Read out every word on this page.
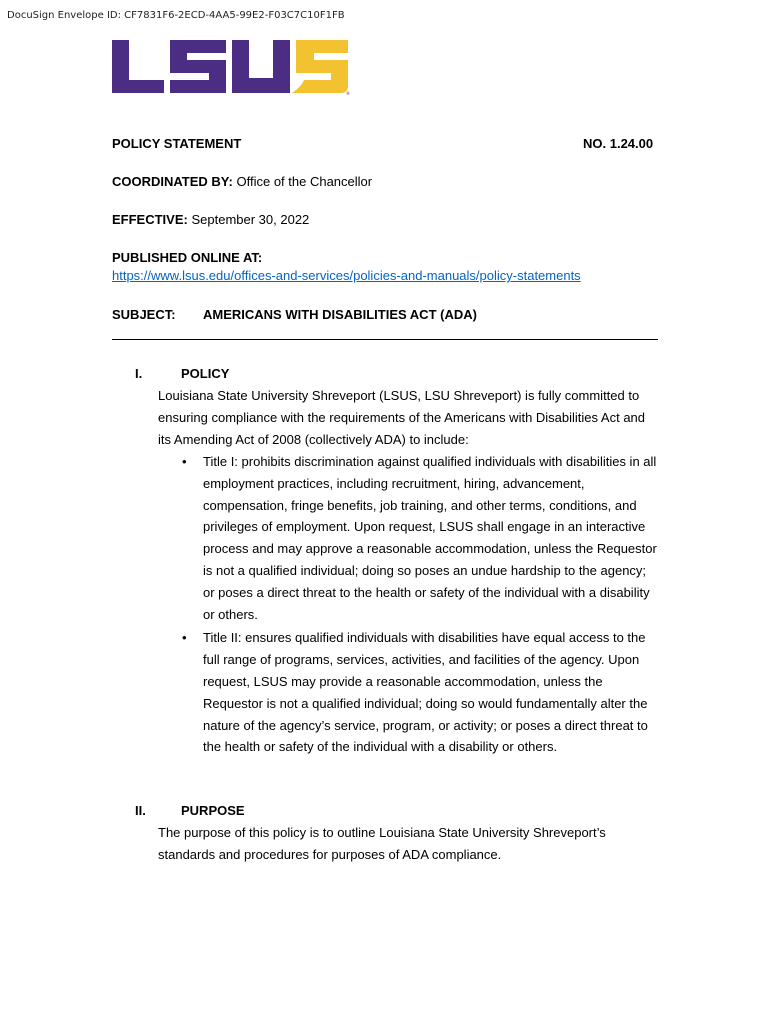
DocuSign Envelope ID: CF7831F6-2ECD-4AA5-99E2-F03C7C10F1FB
®
POLICY STATEMENT	NO. 1.24.00
COORDINATED BY: Office of the Chancellor
EFFECTIVE: September 30, 2022
PUBLISHED ONLINE AT:
https://www.lsus.edu/offices-and-services/policies-and-manuals/policy-statements
SUBJECT: AMERICANS WITH DISABILITIES ACT (ADA)
I.	POLICY
Louisiana State University Shreveport (LSUS, LSU Shreveport) is fully committed to ensuring compliance with the requirements of the Americans with Disabilities Act and its Amending Act of 2008 (collectively ADA) to include:
• Title I: prohibits discrimination against qualified individuals with disabilities in all employment practices, including recruitment, hiring, advancement, compensation, fringe benefits, job training, and other terms, conditions, and privileges of employment. Upon request, LSUS shall engage in an interactive process and may approve a reasonable accommodation, unless the Requestor is not a qualified individual; doing so poses an undue hardship to the agency; or poses a direct threat to the health or safety of the individual with a disability or others.
• Title II: ensures qualified individuals with disabilities have equal access to the full range of programs, services, activities, and facilities of the agency. Upon request, LSUS may provide a reasonable accommodation, unless the Requestor is not a qualified individual; doing so would fundamentally alter the nature of the agency’s service, program, or activity; or poses a direct threat to the health or safety of the individual with a disability or others.
II.	PURPOSE
The purpose of this policy is to outline Louisiana State University Shreveport’s standards and procedures for purposes of ADA compliance.
